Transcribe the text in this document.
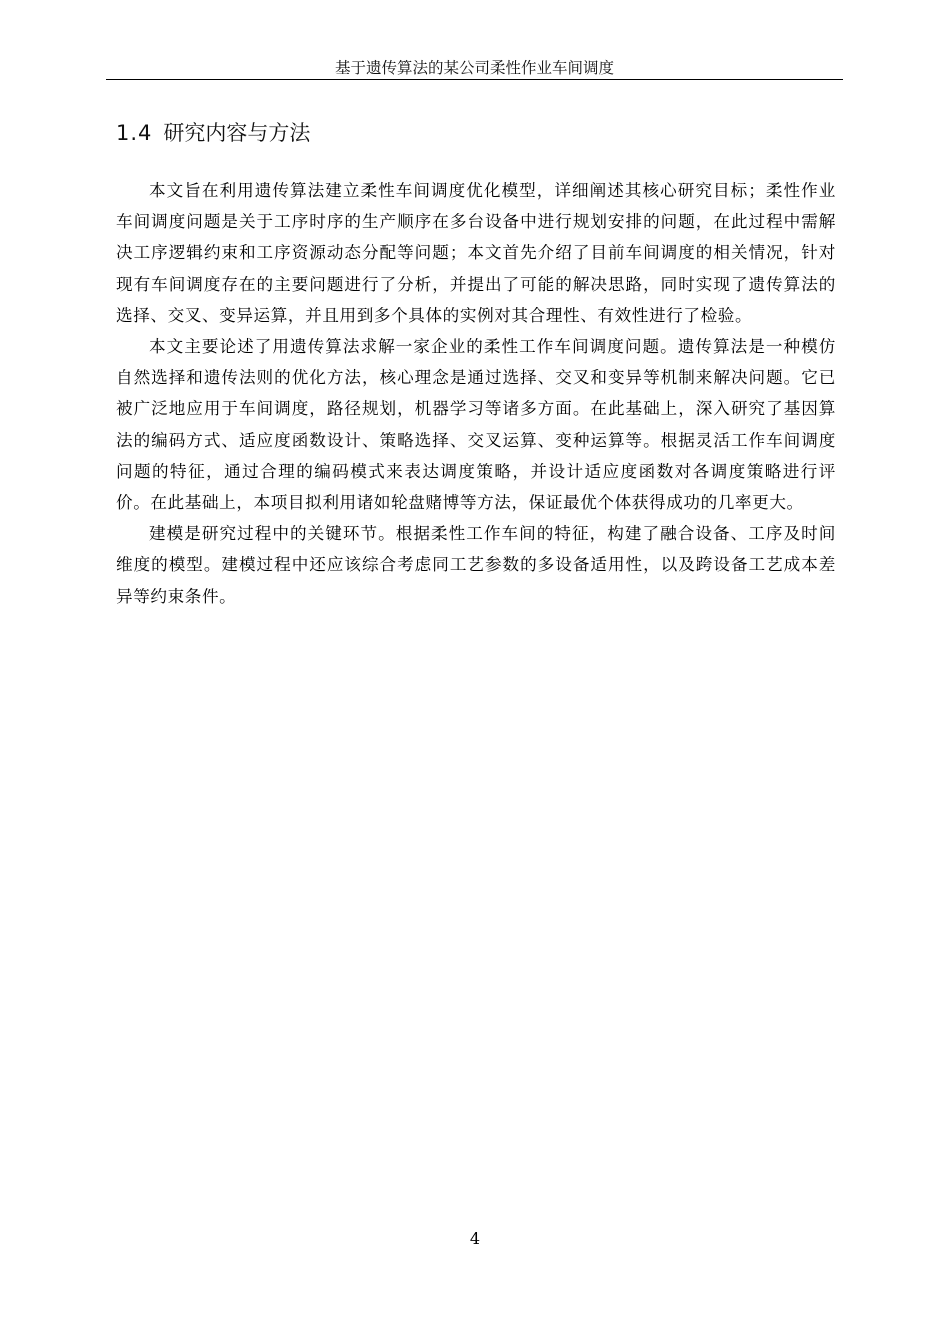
基于遗传算法的某公司柔性作业车间调度
1.4 研究内容与方法

本文旨在利用遗传算法建立柔性车间调度优化模型，详细阐述其核心研究目标；柔性作业车间调度问题是关于工序时序的生产顺序在多台设备中进行规划安排的问题，在此过程中需解决工序逻辑约束和工序资源动态分配等问题；本文首先介绍了目前车间调度的相关情况，针对现有车间调度存在的主要问题进行了分析，并提出了可能的解决思路，同时实现了遗传算法的选择、交叉、变异运算，并且用到多个具体的实例对其合理性、有效性进行了检验。

本文主要论述了用遗传算法求解一家企业的柔性工作车间调度问题。遗传算法是一种模仿自然选择和遗传法则的优化方法，核心理念是通过选择、交叉和变异等机制来解决问题。它已被广泛地应用于车间调度，路径规划，机器学习等诸多方面。在此基础上，深入研究了基因算法的编码方式、适应度函数设计、策略选择、交叉运算、变种运算等。根据灵活工作车间调度问题的特征，通过合理的编码模式来表达调度策略，并设计适应度函数对各调度策略进行评价。在此基础上，本项目拟利用诸如轮盘赌博等方法，保证最优个体获得成功的几率更大。

建模是研究过程中的关键环节。根据柔性工作车间的特征，构建了融合设备、工序及时间维度的模型。建模过程中还应该综合考虑同工艺参数的多设备适用性，以及跨设备工艺成本差异等约束条件。

4
